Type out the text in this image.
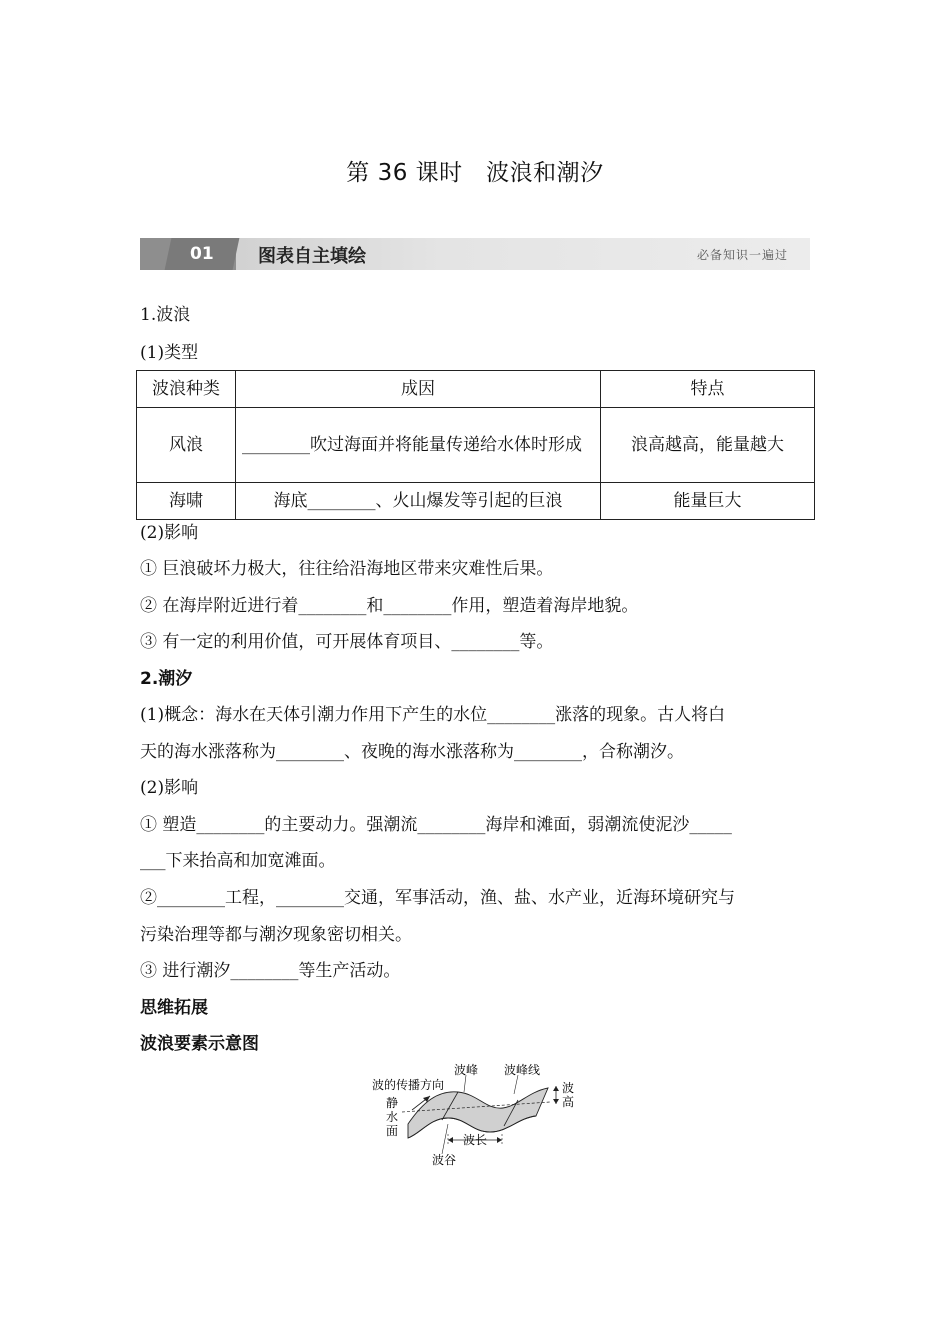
第 36 课时　波浪和潮汐
01 图表自主填绘	必备知识一遍过
1.波浪
(1)类型
波浪种类	成因	特点
风浪	________吹过海面并将能量传递给水体时形成	浪高越高，能量越大
海啸	海底________、火山爆发等引起的巨浪	能量巨大
(2)影响
① 巨浪破坏力极大，往往给沿海地区带来灾难性后果。
② 在海岸附近进行着________和________作用，塑造着海岸地貌。
③ 有一定的利用价值，可开展体育项目、________等。
2.潮汐
(1)概念：海水在天体引潮力作用下产生的水位________涨落的现象。古人将白
天的海水涨落称为________、夜晚的海水涨落称为________，合称潮汐。
(2)影响
① 塑造________的主要动力。强潮流________海岸和滩面，弱潮流使泥沙_____
___下来抬高和加宽滩面。
②________工程，________交通，军事活动，渔、盐、水产业，近海环境研究与
污染治理等都与潮汐现象密切相关。
③ 进行潮汐________等生产活动。
思维拓展
波浪要素示意图
波的传播方向
波峰 波峰线
波
高
静
水
面
波长
波谷
